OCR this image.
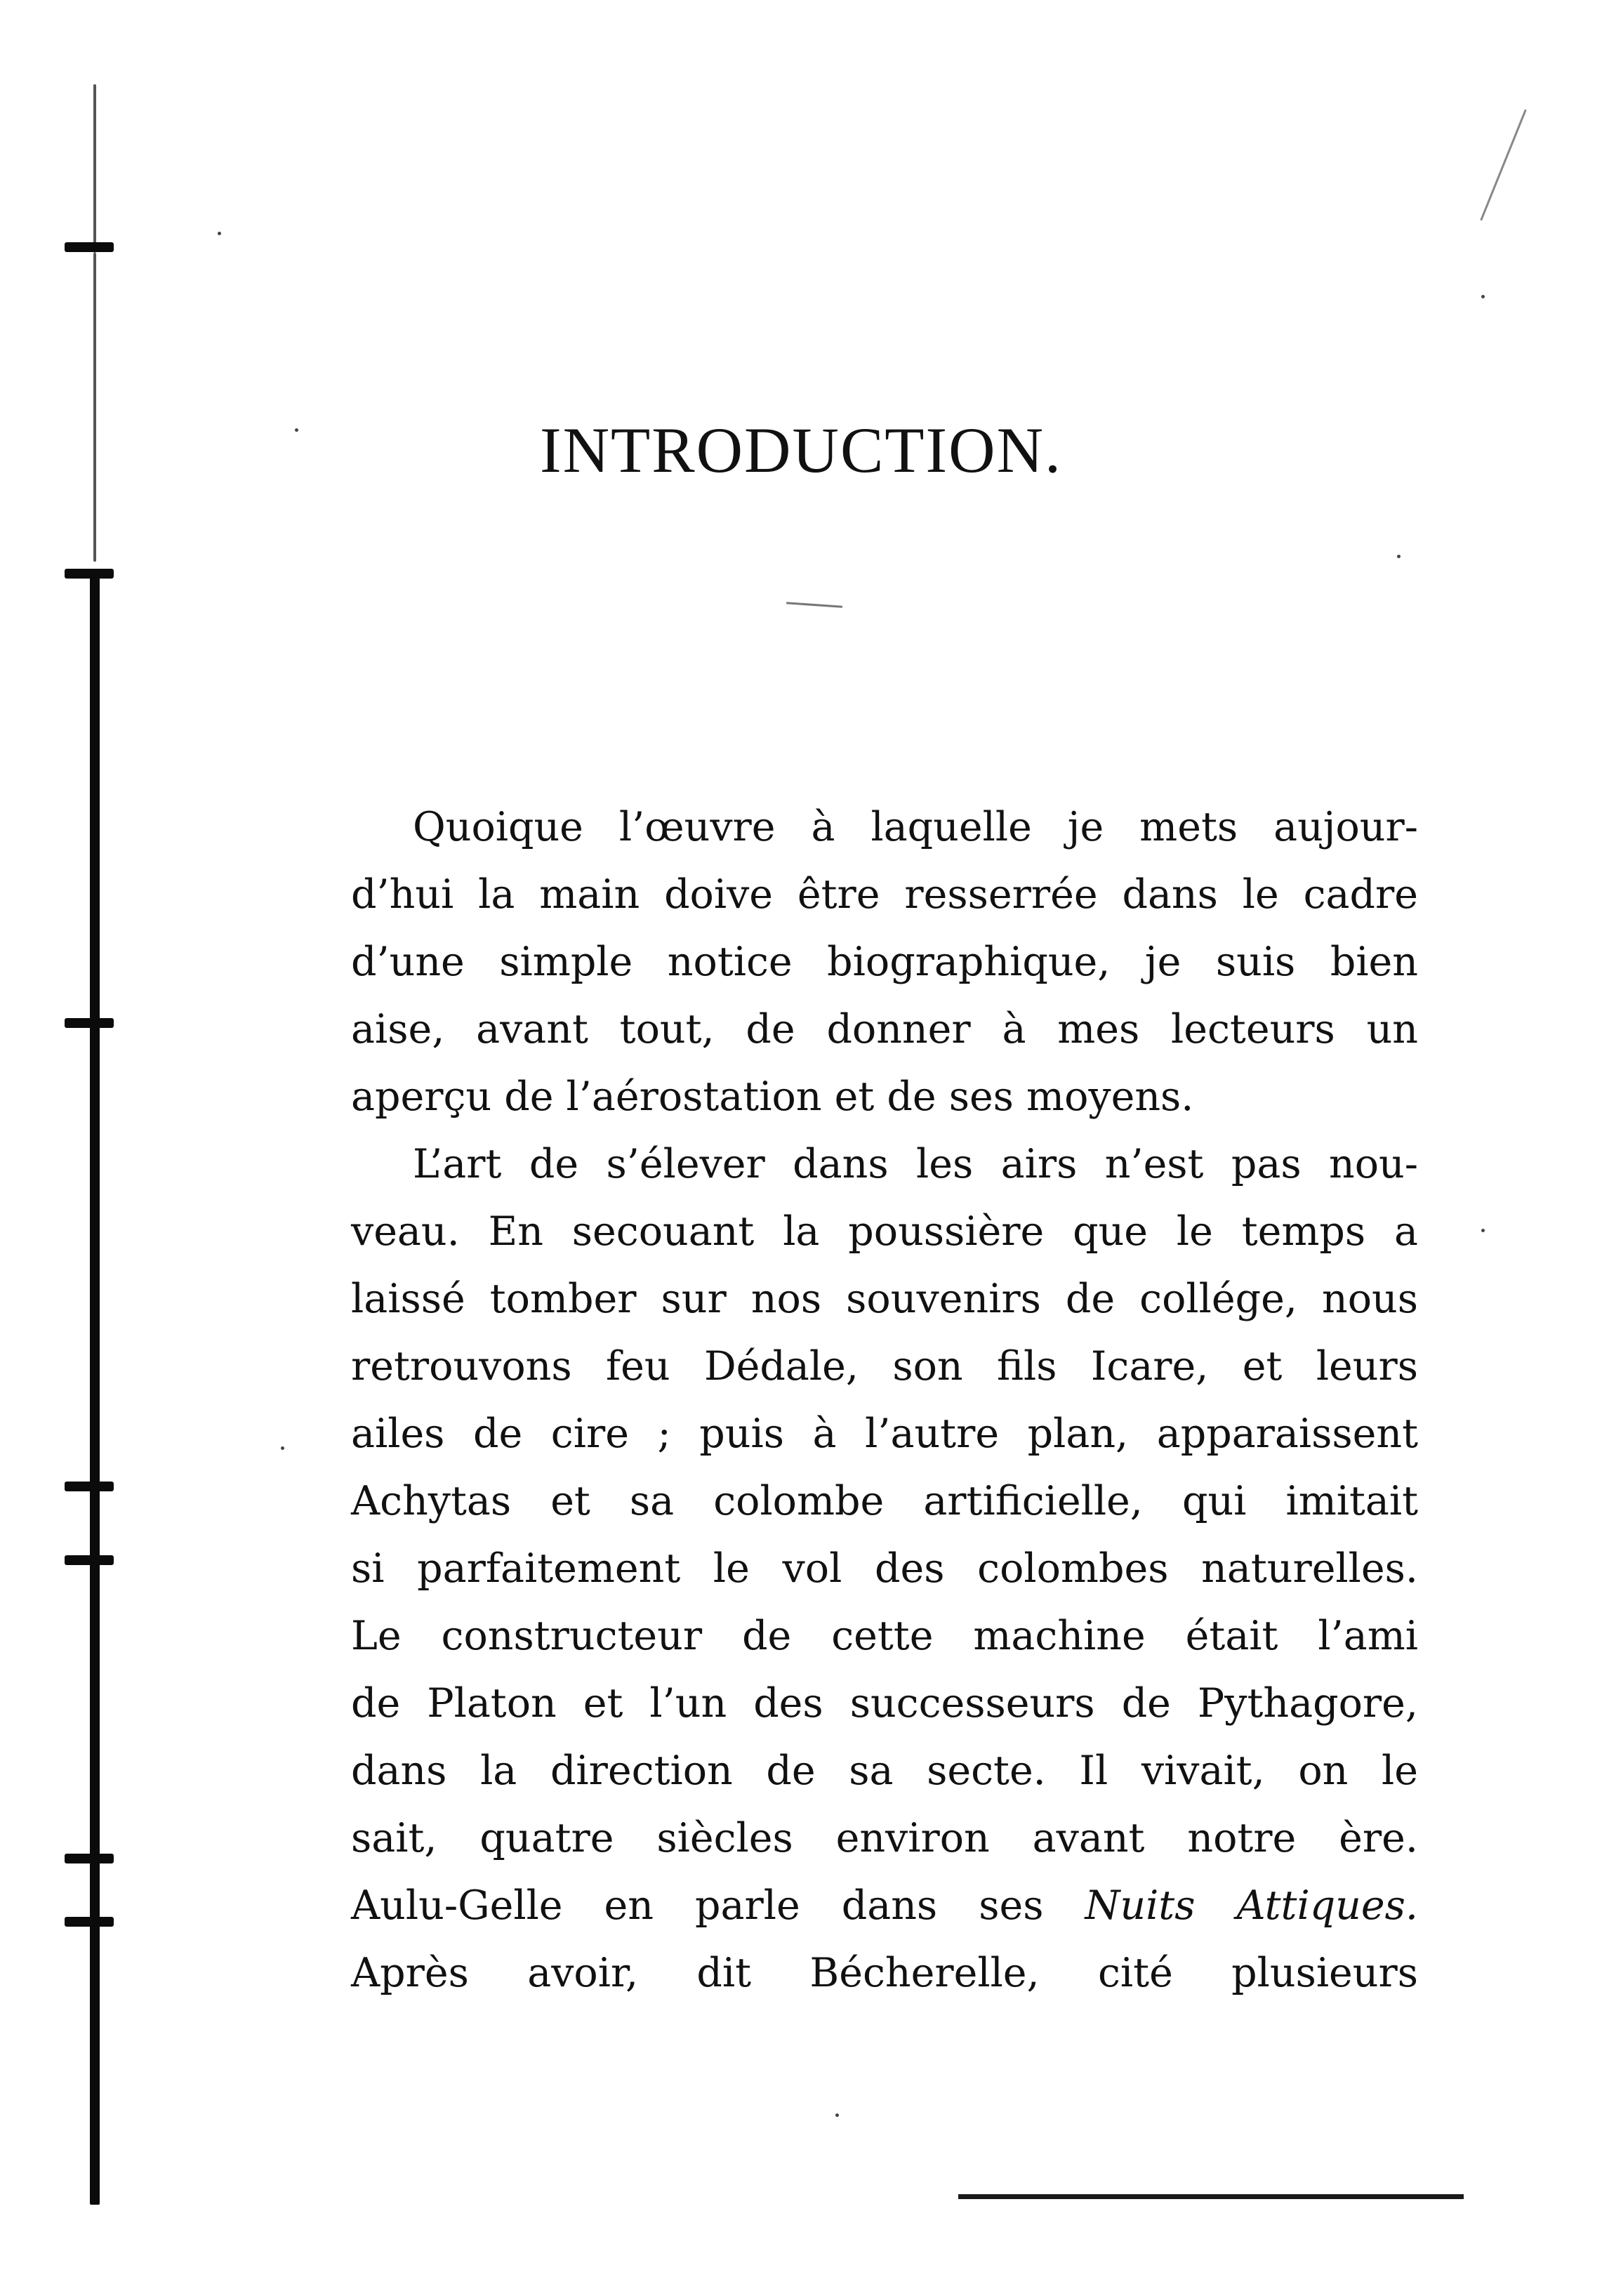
INTRODUCTION.
Quoique l’œuvre à laquelle je mets aujour-
d’hui la main doive être resserrée dans le cadre
d’une simple notice biographique, je suis bien
aise, avant tout, de donner à mes lecteurs un
aperçu de l’aérostation et de ses moyens.
L’art de s’élever dans les airs n’est pas nou-
veau. En secouant la poussière que le temps a
laissé tomber sur nos souvenirs de collége, nous
retrouvons feu Dédale, son fils Icare, et leurs
ailes de cire ; puis à l’autre plan, apparaissent
Achytas et sa colombe artificielle, qui imitait
si parfaitement le vol des colombes naturelles.
Le constructeur de cette machine était l’ami
de Platon et l’un des successeurs de Pythagore,
dans la direction de sa secte. Il vivait, on le
sait, quatre siècles environ avant notre ère.
Aulu-Gelle en parle dans ses Nuits Attiques.
Après avoir, dit Bécherelle, cité plusieurs
